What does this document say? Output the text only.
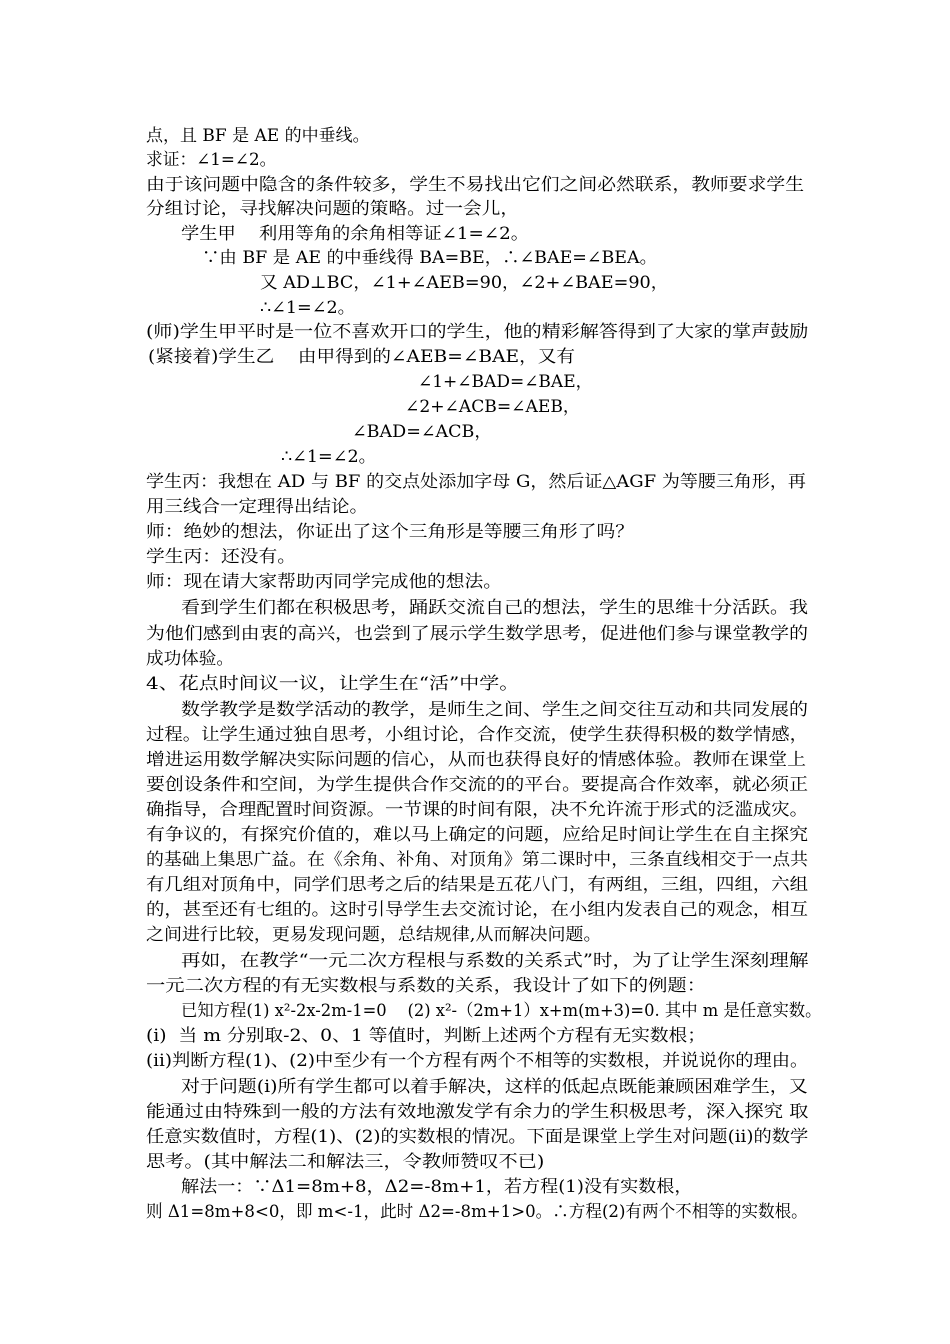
点，且 BF 是 AE 的中垂线。
求证：∠1=∠2。
由于该问题中隐含的条件较多，学生不易找出它们之间必然联系，教师要求学生
分组讨论，寻找解决问题的策略。过一会儿，
学生甲    利用等角的余角相等证∠1=∠2。
∵由 BF 是 AE 的中垂线得 BA=BE，∴∠BAE=∠BEA。
又 AD⊥BC，∠1+∠AEB=90，∠2+∠BAE=90，
∴∠1=∠2。
(师)学生甲平时是一位不喜欢开口的学生，他的精彩解答得到了大家的掌声鼓励
(紧接着)学生乙    由甲得到的∠AEB=∠BAE，又有
∠1+∠BAD=∠BAE，
∠2+∠ACB=∠AEB，
∠BAD=∠ACB，
∴∠1=∠2。
学生丙：我想在 AD 与 BF 的交点处添加字母 G，然后证△AGF 为等腰三角形，再
用三线合一定理得出结论。
师：绝妙的想法，你证出了这个三角形是等腰三角形了吗？
学生丙：还没有。
师：现在请大家帮助丙同学完成他的想法。
看到学生们都在积极思考，踊跃交流自己的想法，学生的思维十分活跃。我
为他们感到由衷的高兴，也尝到了展示学生数学思考，促进他们参与课堂教学的
成功体验。
4、花点时间议一议，让学生在“活”中学。
数学教学是数学活动的教学，是师生之间、学生之间交往互动和共同发展的
过程。让学生通过独自思考，小组讨论，合作交流，使学生获得积极的数学情感，
增进运用数学解决实际问题的信心，从而也获得良好的情感体验。教师在课堂上
要创设条件和空间，为学生提供合作交流的的平台。要提高合作效率，就必须正
确指导，合理配置时间资源。一节课的时间有限，决不允许流于形式的泛滥成灾。
有争议的，有探究价值的，难以马上确定的问题，应给足时间让学生在自主探究
的基础上集思广益。在《余角、补角、对顶角》第二课时中，三条直线相交于一点共
有几组对顶角中，同学们思考之后的结果是五花八门，有两组，三组，四组，六组
的，甚至还有七组的。这时引导学生去交流讨论，在小组内发表自己的观念，相互
之间进行比较，更易发现问题，总结规律,从而解决问题。
再如，在教学“一元二次方程根与系数的关系式”时，为了让学生深刻理解
一元二次方程的有无实数根与系数的关系，我设计了如下的例题：
已知方程(1) x²-2x-2m-1=0    (2) x²-（2m+1）x+m(m+3)=0. 其中 m 是任意实数。
(i)  当 m 分别取-2、0、1 等值时，判断上述两个方程有无实数根；
(ii)判断方程(1)、(2)中至少有一个方程有两个不相等的实数根，并说说你的理由。
对于问题(i)所有学生都可以着手解决，这样的低起点既能兼顾困难学生，又
能通过由特殊到一般的方法有效地激发学有余力的学生积极思考，深入探究 取
任意实数值时，方程(1)、(2)的实数根的情况。下面是课堂上学生对问题(ii)的数学
思考。(其中解法二和解法三，令教师赞叹不已)
解法一：∵Δ1=8m+8，Δ2=-8m+1，若方程(1)没有实数根，
则 Δ1=8m+8<0，即 m<-1，此时 Δ2=-8m+1>0。∴方程(2)有两个不相等的实数根。
